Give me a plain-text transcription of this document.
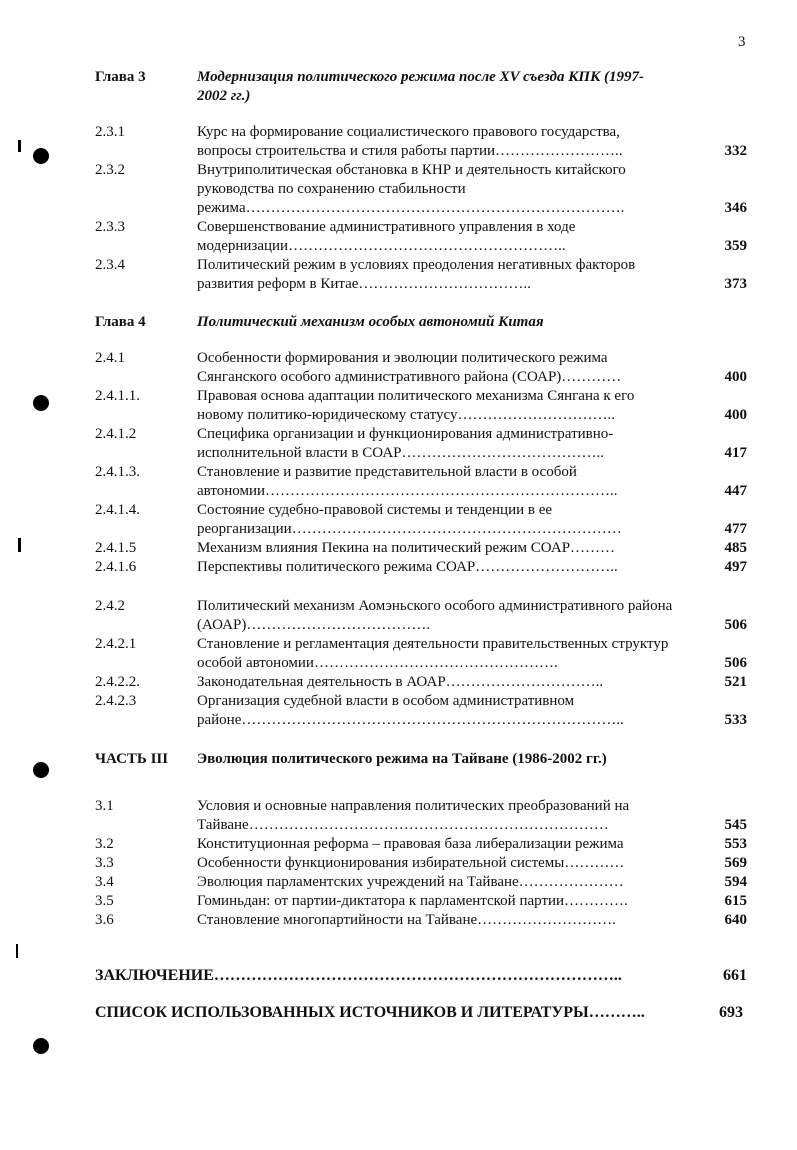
3
Глава 3	Модернизация политического режима после XV съезда КПК (1997-2002 гг.)
2.3.1	Курс на формирование социалистического правового государства, вопросы строительства и стиля работы партии……………………..	332
2.3.2	Внутриполитическая обстановка в КНР и деятельность китайского руководства по сохранению стабильности режима………………………………………………………………….	346
2.3.3	Совершенствование административного управления в ходе модернизации………………………………………………..	359
2.3.4	Политический режим в условиях преодоления негативных факторов развития реформ в Китае……………………………..	373
Глава 4	Политический механизм особых автономий Китая
2.4.1	Особенности формирования и эволюции политического режима Сянганского особого административного района (СОАР)…………	400
2.4.1.1.	Правовая основа адаптации политического механизма Сянгана к его новому политико-юридическому статусу…………………………..	400
2.4.1.2	Специфика организации и функционирования административно-исполнительной власти в СОАР…………………………………..	417
2.4.1.3.	Становление и развитие представительной власти в особой автономии……………………………………………………………..	447
2.4.1.4.	Состояние судебно-правовой системы и тенденции в ее реорганизации…………………………………………………………	477
2.4.1.5	Механизм влияния Пекина на политический режим СОАР………	485
2.4.1.6	Перспективы политического режима СОАР………………………..	497
2.4.2	Политический механизм Аомэньского особого административного района (АОАР)……………………………….	506
2.4.2.1	Становление и регламентация деятельности правительственных структур особой автономии………………………………………….	506
2.4.2.2.	Законодательная деятельность в АОАР…………………………..	521
2.4.2.3	Организация судебной власти в особом административном районе…………………………………………………………………..	533
ЧАСТЬ III Эволюция политического режима на Тайване (1986-2002 гг.)
3.1	Условия и основные направления политических преобразований на Тайване………………………………………………………………	545
3.2	Конституционная реформа – правовая база либерализации режима	553
3.3	Особенности функционирования избирательной системы…………	569
3.4	Эволюция парламентских учреждений на Тайване…………………	594
3.5	Гоминьдан: от партии-диктатора к парламентской партии………….	615
3.6	Становление многопартийности на Тайване……………………….	640
ЗАКЛЮЧЕНИЕ…………………………………………………………………..	661
СПИСОК ИСПОЛЬЗОВАННЫХ ИСТОЧНИКОВ И ЛИТЕРАТУРЫ………..	693
